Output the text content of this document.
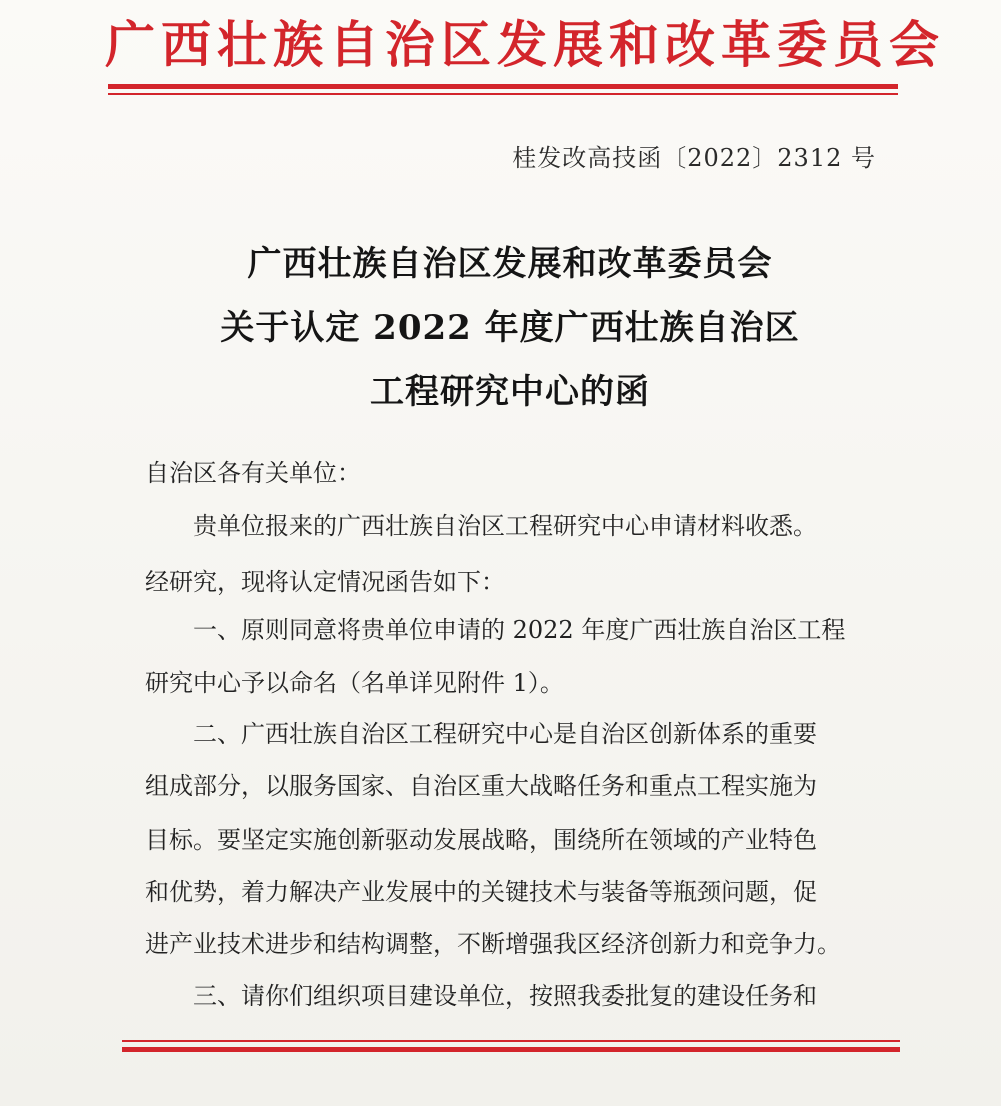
广西壮族自治区发展和改革委员会
桂发改高技函〔2022〕2312 号
广西壮族自治区发展和改革委员会
关于认定 2022 年度广西壮族自治区
工程研究中心的函
自治区各有关单位：
贵单位报来的广西壮族自治区工程研究中心申请材料收悉。
经研究，现将认定情况函告如下：
一、原则同意将贵单位申请的 2022 年度广西壮族自治区工程
研究中心予以命名（名单详见附件 1）。
二、广西壮族自治区工程研究中心是自治区创新体系的重要
组成部分，以服务国家、自治区重大战略任务和重点工程实施为
目标。要坚定实施创新驱动发展战略，围绕所在领域的产业特色
和优势，着力解决产业发展中的关键技术与装备等瓶颈问题，促
进产业技术进步和结构调整，不断增强我区经济创新力和竞争力。
三、请你们组织项目建设单位，按照我委批复的建设任务和
